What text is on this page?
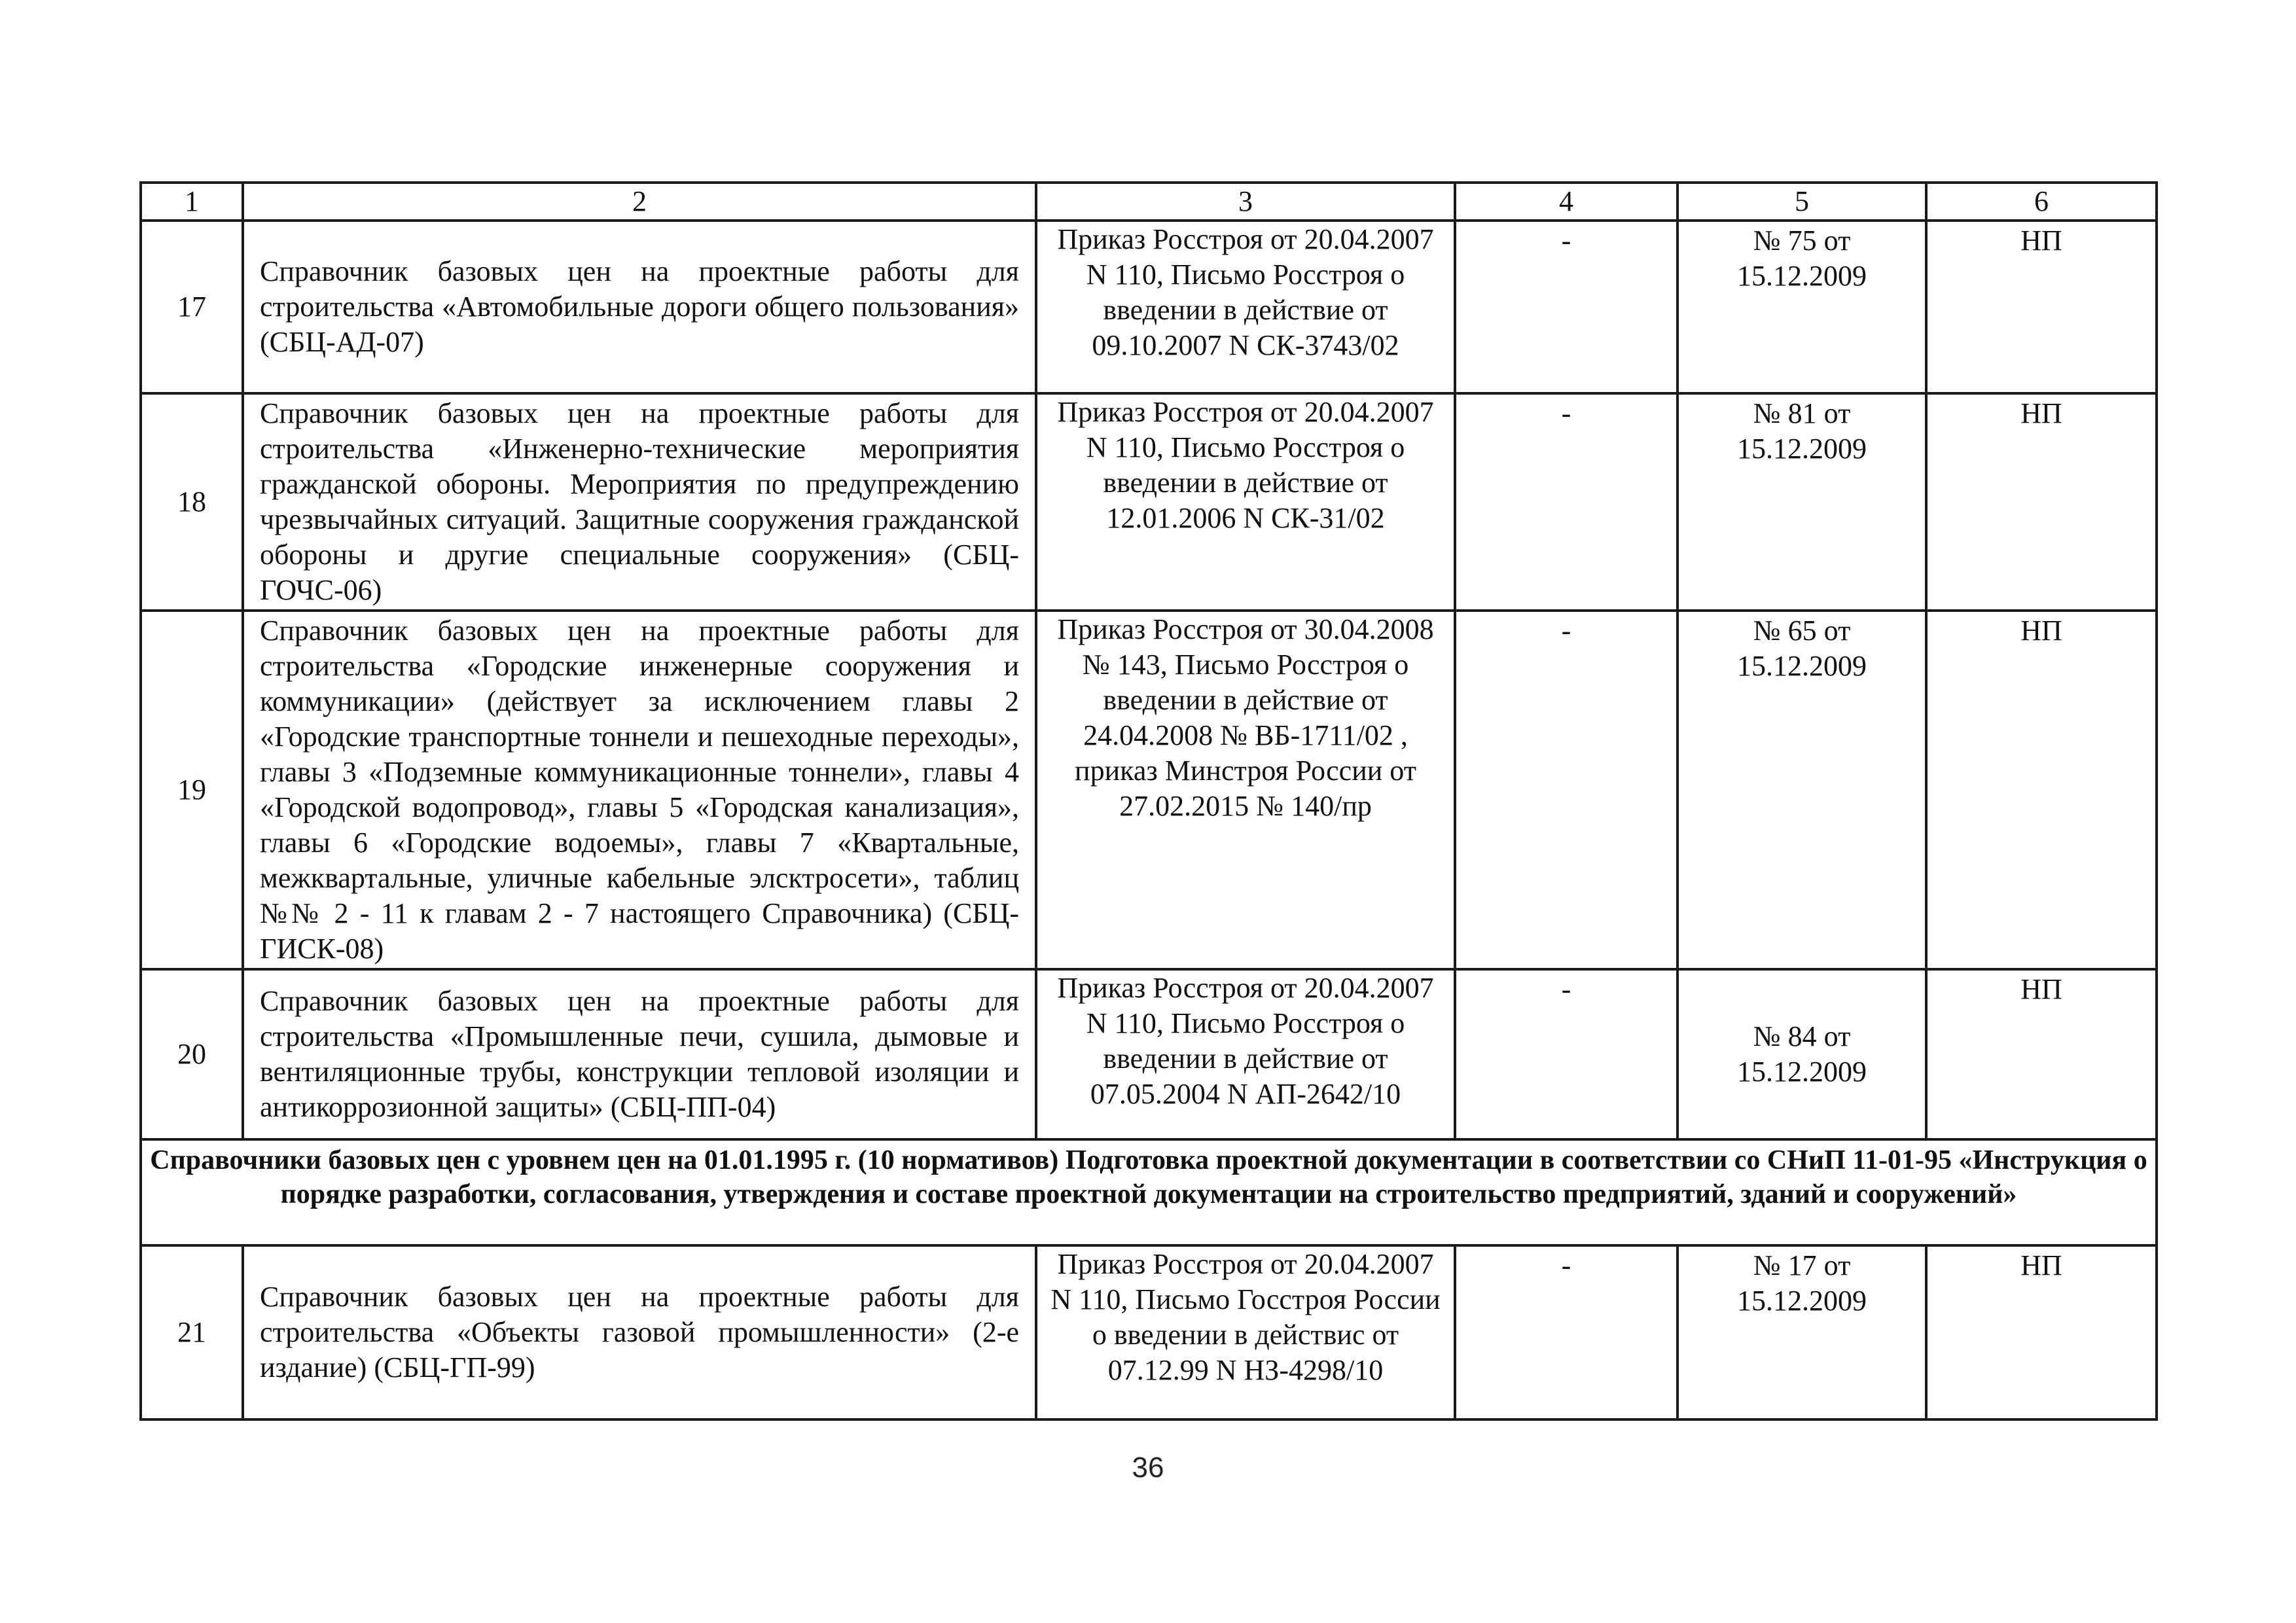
1	2	3	4	5	6
17	Справочник базовых цен на проектные работы для строительства «Автомобильные дороги общего пользования» (СБЦ-АД-07)	Приказ Росстроя от 20.04.2007 N 110, Письмо Росстроя о введении в действие от 09.10.2007 N СК-3743/02	-	№ 75 от 15.12.2009	НП
18	Справочник базовых цен на проектные работы для строительства «Инженерно-технические мероприятия гражданской обороны. Мероприятия по предупреждению чрезвычайных ситуаций. Защитные сооружения гражданской обороны и другие специальные сооружения» (СБЦ-ГОЧС-06)	Приказ Росстроя от 20.04.2007 N 110, Письмо Росстроя о введении в действие от 12.01.2006 N СК-31/02	-	№ 81 от 15.12.2009	НП
19	Справочник базовых цен на проектные работы для строительства «Городские инженерные сооружения и коммуникации» (действует за исключением главы 2 «Городские транспортные тоннели и пешеходные переходы», главы 3 «Подземные коммуникационные тоннели», главы 4 «Городской водопровод», главы 5 «Городская канализация», главы 6 «Городские водоемы», главы 7 «Квартальные, межквартальные, уличные кабельные элсктросети», таблиц №№ 2 - 11 к главам 2 - 7 настоящего Справочника) (СБЦ-ГИСК-08)	Приказ Росстроя от 30.04.2008 № 143, Письмо Росстроя о введении в действие от 24.04.2008 № ВБ-1711/02 , приказ Минстроя России от 27.02.2015 № 140/пр	-	№ 65 от 15.12.2009	НП
20	Справочник базовых цен на проектные работы для строительства «Промышленные печи, сушила, дымовые и вентиляционные трубы, конструкции тепловой изоляции и антикоррозионной защиты» (СБЦ-ПП-04)	Приказ Росстроя от 20.04.2007 N 110, Письмо Росстроя о введении в действие от 07.05.2004 N АП-2642/10	-	№ 84 от 15.12.2009	НП
Справочники базовых цен с уровнем цен на 01.01.1995 г. (10 нормативов) Подготовка проектной документации в соответствии со СНиП 11-01-95 «Инструкция о порядке разработки, согласования, утверждения и составе проектной документации на строительство предприятий, зданий и сооружений»					
21	Справочник базовых цен на проектные работы для строительства «Объекты газовой промышленности» (2-е издание) (СБЦ-ГП-99)	Приказ Росстроя от 20.04.2007 N 110, Письмо Госстроя России о введении в действис от 07.12.99 N НЗ-4298/10	-	№ 17 от 15.12.2009	НП
36
